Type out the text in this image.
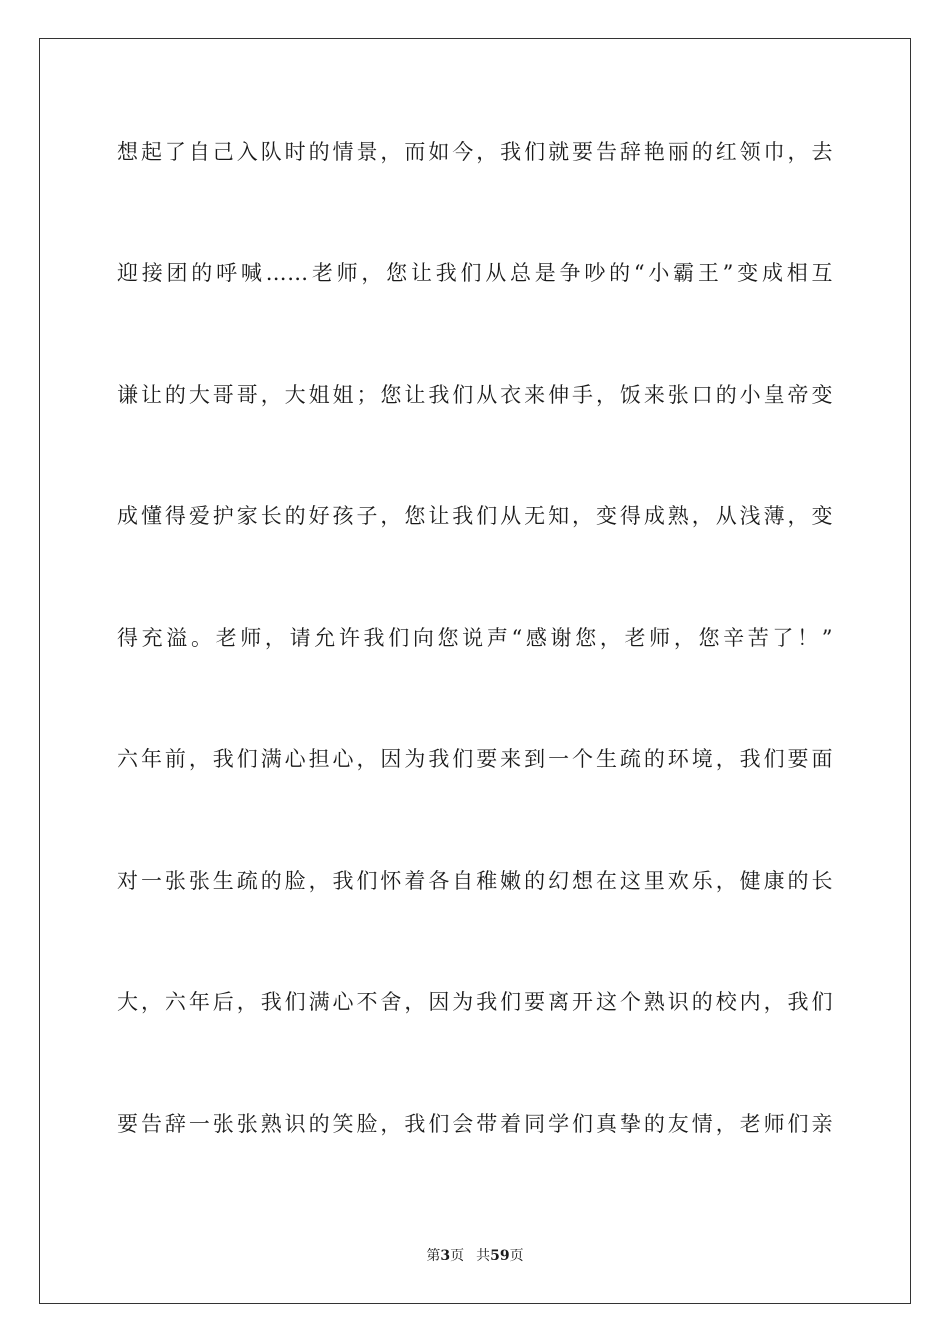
想起了自己入队时的情景，而如今，我们就要告辞艳丽的红领巾，去
迎接团的呼喊……老师，您让我们从总是争吵的“小霸王”变成相互
谦让的大哥哥，大姐姐；您让我们从衣来伸手，饭来张口的小皇帝变
成懂得爱护家长的好孩子，您让我们从无知，变得成熟，从浅薄，变
得充溢。老师，请允许我们向您说声“感谢您，老师，您辛苦了！”
六年前，我们满心担心，因为我们要来到一个生疏的环境，我们要面
对一张张生疏的脸，我们怀着各自稚嫩的幻想在这里欢乐，健康的长
大，六年后，我们满心不舍，因为我们要离开这个熟识的校内，我们
要告辞一张张熟识的笑脸，我们会带着同学们真挚的友情，老师们亲
第3页 共59页
